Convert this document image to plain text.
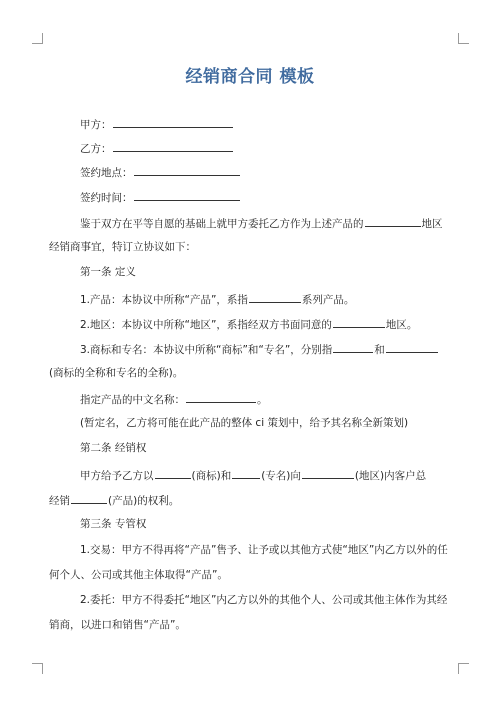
经销商合同 模板
甲方：
乙方：
签约地点：
签约时间：
鉴于双方在平等自愿的基础上就甲方委托乙方作为上述产品的	地区
经销商事宜，特订立协议如下：
第一条 定义
1.产品：本协议中所称“产品”，系指	系列产品。
2.地区：本协议中所称“地区”，系指经双方书面同意的	地区。
3.商标和专名：本协议中所称“商标”和“专名”，分别指	和
(商标的全称和专名的全称)。
指定产品的中文名称：	。
(暂定名，乙方将可能在此产品的整体 ci 策划中，给予其名称全新策划)
第二条 经销权
甲方给予乙方以	(商标)和	(专名)向	(地区)内客户总
经销	(产品)的权利。
第三条 专管权
1.交易：甲方不得再将“产品”售予、让予或以其他方式使“地区”内乙方以外的任
何个人、公司或其他主体取得“产品”。
2.委托：甲方不得委托“地区”内乙方以外的其他个人、公司或其他主体作为其经
销商，以进口和销售“产品”。
